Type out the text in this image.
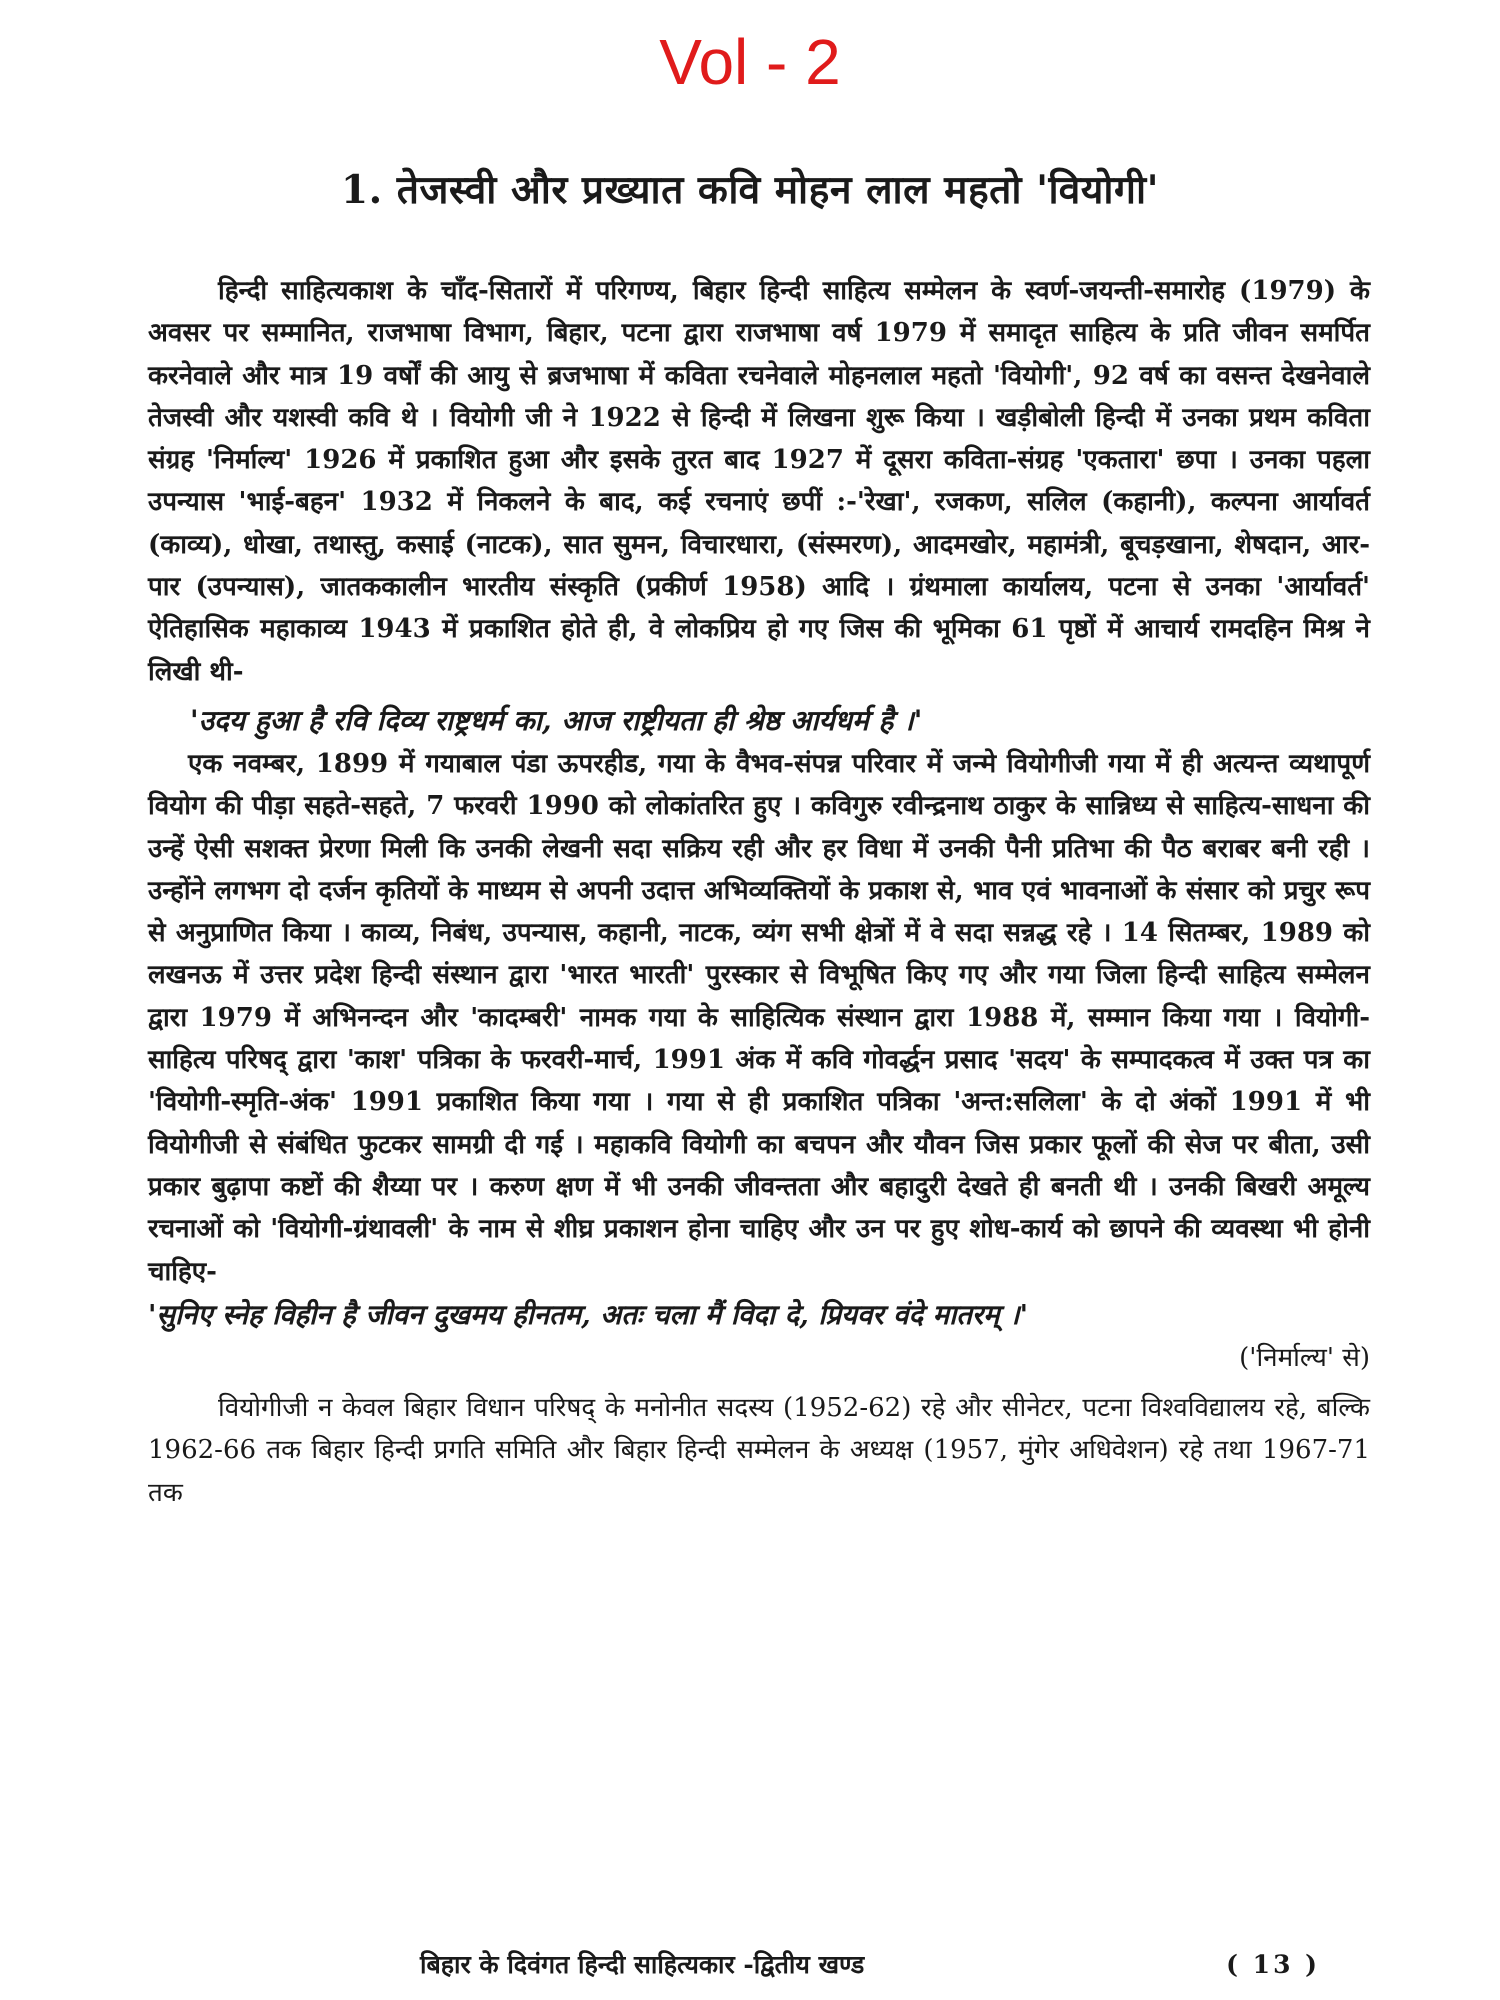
Vol - 2
1. तेजस्वी और प्रख्यात कवि मोहन लाल महतो 'वियोगी'

हिन्दी साहित्यकाश के चाँद-सितारों में परिगण्य, बिहार हिन्दी साहित्य सम्मेलन के स्वर्ण-जयन्ती-समारोह (1979) के अवसर पर सम्मानित, राजभाषा विभाग, बिहार, पटना द्वारा राजभाषा वर्ष 1979 में समादृत साहित्य के प्रति जीवन समर्पित करनेवाले और मात्र 19 वर्षों की आयु से ब्रजभाषा में कविता रचनेवाले मोहनलाल महतो 'वियोगी', 92 वर्ष का वसन्त देखनेवाले तेजस्वी और यशस्वी कवि थे । वियोगी जी ने 1922 से हिन्दी में लिखना शुरू किया । खड़ीबोली हिन्दी में उनका प्रथम कविता संग्रह 'निर्माल्य' 1926 में प्रकाशित हुआ और इसके तुरत बाद 1927 में दूसरा कविता-संग्रह 'एकतारा' छपा । उनका पहला उपन्यास 'भाई-बहन' 1932 में निकलने के बाद, कई रचनाएं छपीं :-'रेखा', रजकण, सलिल (कहानी), कल्पना आर्यावर्त (काव्य), धोखा, तथास्तु, कसाई (नाटक), सात सुमन, विचारधारा, (संस्मरण), आदमखोर, महामंत्री, बूचड़खाना, शेषदान, आर-पार (उपन्यास), जातककालीन भारतीय संस्कृति (प्रकीर्ण 1958) आदि । ग्रंथमाला कार्यालय, पटना से उनका 'आर्यावर्त' ऐतिहासिक महाकाव्य 1943 में प्रकाशित होते ही, वे लोकप्रिय हो गए जिस की भूमिका 61 पृष्ठों में आचार्य रामदहिन मिश्र ने लिखी थी-

'उदय हुआ है रवि दिव्य राष्ट्रधर्म का, आज राष्ट्रीयता ही श्रेष्ठ आर्यधर्म है ।'

एक नवम्बर, 1899 में गयाबाल पंडा ऊपरहीड, गया के वैभव-संपन्न परिवार में जन्मे वियोगीजी गया में ही अत्यन्त व्यथापूर्ण वियोग की पीड़ा सहते-सहते, 7 फरवरी 1990 को लोकांतरित हुए । कविगुरु रवीन्द्रनाथ ठाकुर के सान्निध्य से साहित्य-साधना की उन्हें ऐसी सशक्त प्रेरणा मिली कि उनकी लेखनी सदा सक्रिय रही और हर विधा में उनकी पैनी प्रतिभा की पैठ बराबर बनी रही । उन्होंने लगभग दो दर्जन कृतियों के माध्यम से अपनी उदात्त अभिव्यक्तियों के प्रकाश से, भाव एवं भावनाओं के संसार को प्रचुर रूप से अनुप्राणित किया । काव्य, निबंध, उपन्यास, कहानी, नाटक, व्यंग सभी क्षेत्रों में वे सदा सन्नद्ध रहे । 14 सितम्बर, 1989 को लखनऊ में उत्तर प्रदेश हिन्दी संस्थान द्वारा 'भारत भारती' पुरस्कार से विभूषित किए गए और गया जिला हिन्दी साहित्य सम्मेलन द्वारा 1979 में अभिनन्दन और 'कादम्बरी' नामक गया के साहित्यिक संस्थान द्वारा 1988 में, सम्मान किया गया । वियोगी-साहित्य परिषद् द्वारा 'काश' पत्रिका के फरवरी-मार्च, 1991 अंक में कवि गोवर्द्धन प्रसाद 'सदय' के सम्पादकत्व में उक्त पत्र का 'वियोगी-स्मृति-अंक' 1991 प्रकाशित किया गया । गया से ही प्रकाशित पत्रिका 'अन्त:सलिला' के दो अंकों 1991 में भी वियोगीजी से संबंधित फुटकर सामग्री दी गई । महाकवि वियोगी का बचपन और यौवन जिस प्रकार फूलों की सेज पर बीता, उसी प्रकार बुढ़ापा कष्टों की शैय्या पर । करुण क्षण में भी उनकी जीवन्तता और बहादुरी देखते ही बनती थी । उनकी बिखरी अमूल्य रचनाओं को 'वियोगी-ग्रंथावली' के नाम से शीघ्र प्रकाशन होना चाहिए और उन पर हुए शोध-कार्य को छापने की व्यवस्था भी होनी चाहिए-

'सुनिए स्नेह विहीन है जीवन दुखमय हीनतम, अतः चला मैं विदा दे, प्रियवर वंदे मातरम् ।'

('निर्माल्य' से)

वियोगीजी न केवल बिहार विधान परिषद् के मनोनीत सदस्य (1952-62) रहे और सीनेटर, पटना विश्वविद्यालय रहे, बल्कि 1962-66 तक बिहार हिन्दी प्रगति समिति और बिहार हिन्दी सम्मेलन के अध्यक्ष (1957, मुंगेर अधिवेशन) रहे तथा 1967-71 तक

बिहार के दिवंगत हिन्दी साहित्यकार -द्वितीय खण्ड	( 13 )
